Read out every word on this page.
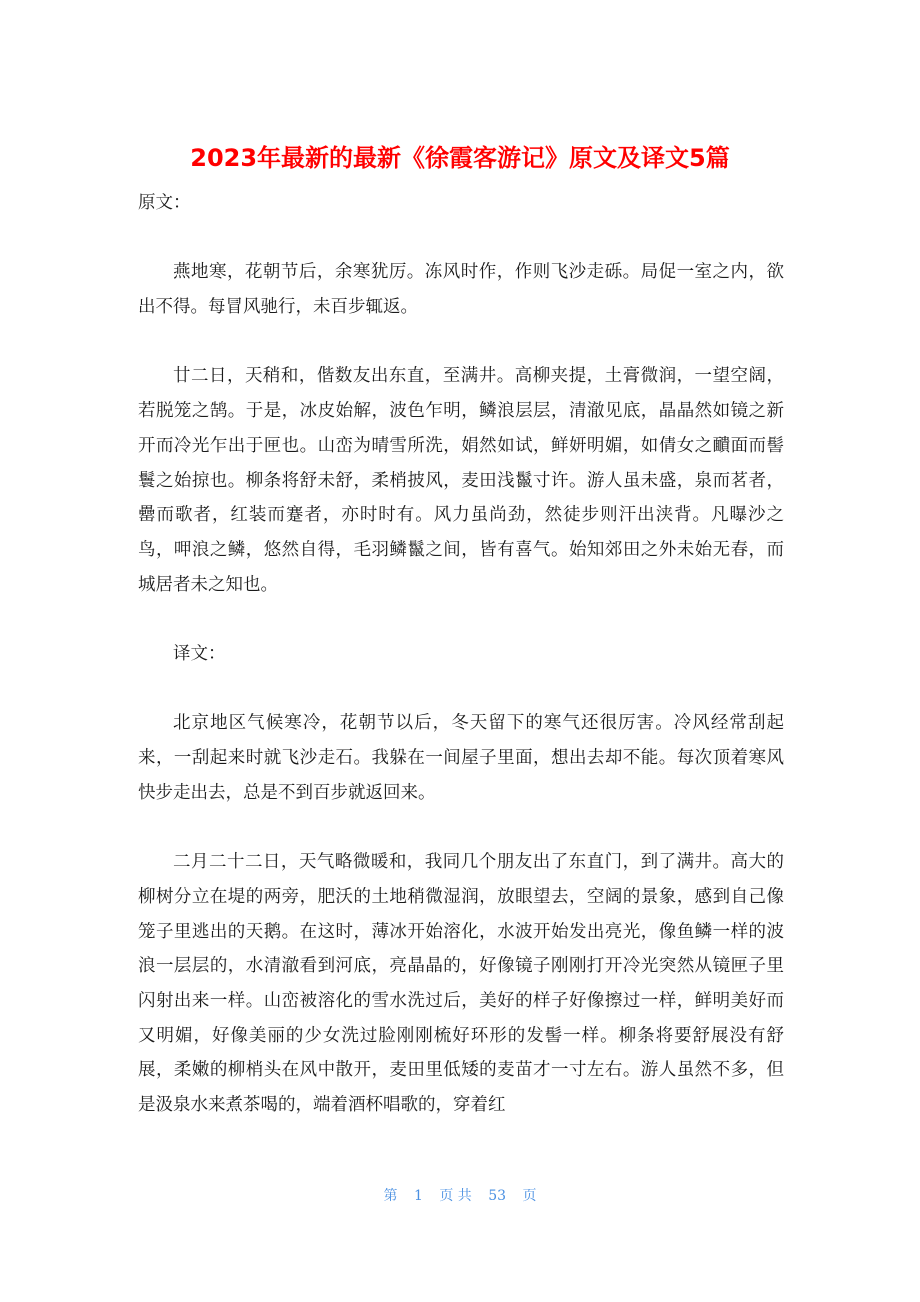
2023年最新的最新《徐霞客游记》原文及译文5篇

原文：

燕地寒，花朝节后，余寒犹厉。冻风时作，作则飞沙走砾。局促一室之内，欲出不得。每冒风驰行，未百步辄返。

廿二日，天稍和，偕数友出东直，至满井。高柳夹提，土膏微润，一望空阔，若脱笼之鹄。于是，冰皮始解，波色乍明，鳞浪层层，清澈见底，晶晶然如镜之新开而冷光乍出于匣也。山峦为晴雪所洗，娟然如试，鲜妍明媚，如倩女之靧面而髻鬟之始掠也。柳条将舒未舒，柔梢披风，麦田浅鬣寸许。游人虽未盛，泉而茗者，罍而歌者，红装而蹇者，亦时时有。风力虽尚劲，然徒步则汗出浃背。凡曝沙之鸟，呷浪之鳞，悠然自得，毛羽鳞鬣之间，皆有喜气。始知郊田之外未始无春，而城居者未之知也。

译文：

北京地区气候寒冷，花朝节以后，冬天留下的寒气还很厉害。冷风经常刮起来，一刮起来时就飞沙走石。我躲在一间屋子里面，想出去却不能。每次顶着寒风快步走出去，总是不到百步就返回来。

二月二十二日，天气略微暖和，我同几个朋友出了东直门，到了满井。高大的柳树分立在堤的两旁，肥沃的土地稍微湿润，放眼望去，空阔的景象，感到自己像笼子里逃出的天鹅。在这时，薄冰开始溶化，水波开始发出亮光，像鱼鳞一样的波浪一层层的，水清澈看到河底，亮晶晶的，好像镜子刚刚打开冷光突然从镜匣子里闪射出来一样。山峦被溶化的雪水洗过后，美好的样子好像擦过一样，鲜明美好而又明媚，好像美丽的少女洗过脸刚刚梳好环形的发髻一样。柳条将要舒展没有舒展，柔嫩的柳梢头在风中散开，麦田里低矮的麦苗才一寸左右。游人虽然不多，但是汲泉水来煮茶喝的，端着酒杯唱歌的，穿着红

第 1 页 共 53 页
